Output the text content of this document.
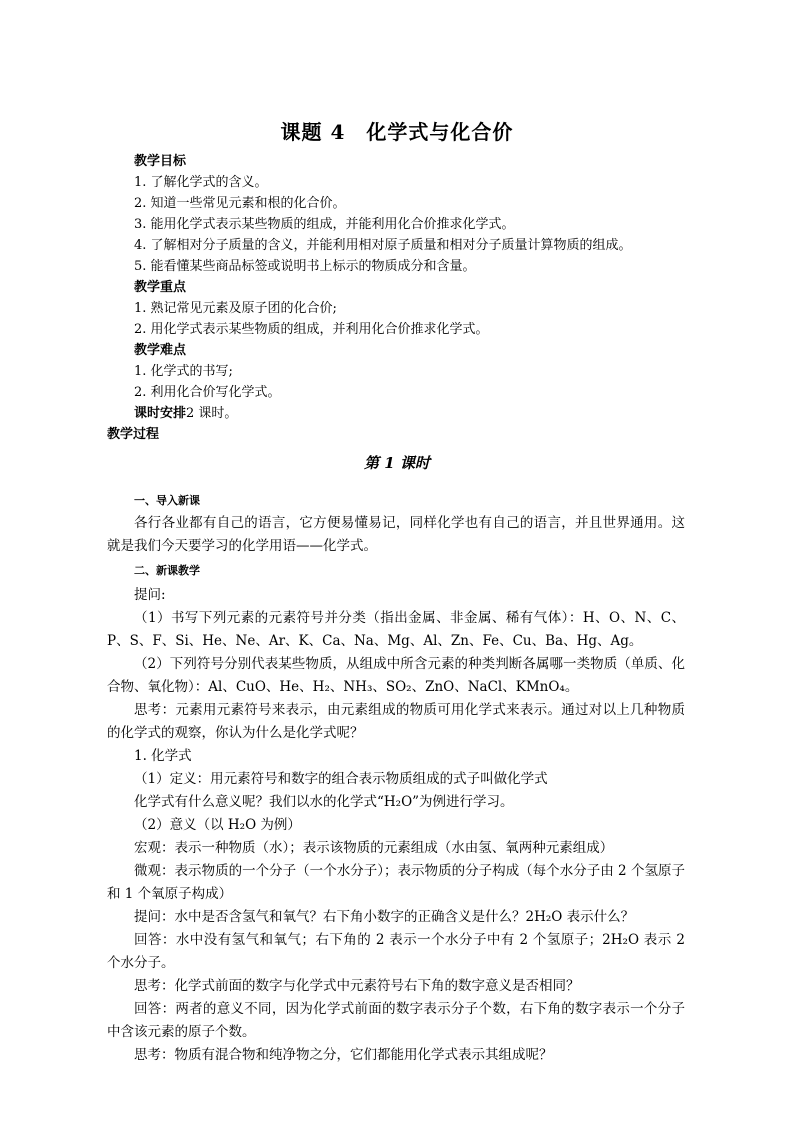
课题 4　化学式与化合价
教学目标
1. 了解化学式的含义。
2. 知道一些常见元素和根的化合价。
3. 能用化学式表示某些物质的组成，并能利用化合价推求化学式。
4. 了解相对分子质量的含义，并能利用相对原子质量和相对分子质量计算物质的组成。
5. 能看懂某些商品标签或说明书上标示的物质成分和含量。
教学重点
1. 熟记常见元素及原子团的化合价;
2. 用化学式表示某些物质的组成，并利用化合价推求化学式。
教学难点
1. 化学式的书写;
2. 利用化合价写化学式。
课时安排2 课时。
教学过程
第 1 课时
一、导入新课
各行各业都有自己的语言，它方便易懂易记，同样化学也有自己的语言，并且世界通用。这就是我们今天要学习的化学用语——化学式。
二、新课教学
提问:
（1）书写下列元素的元素符号并分类（指出金属、非金属、稀有气体）：H、O、N、C、P、S、F、Si、He、Ne、Ar、K、Ca、Na、Mg、Al、Zn、Fe、Cu、Ba、Hg、Ag。
（2）下列符号分别代表某些物质，从组成中所含元素的种类判断各属哪一类物质（单质、化合物、氧化物）：Al、CuO、He、H₂、NH₃、SO₂、ZnO、NaCl、KMnO₄。
思考：元素用元素符号来表示，由元素组成的物质可用化学式来表示。通过对以上几种物质的化学式的观察，你认为什么是化学式呢？
1. 化学式
（1）定义：用元素符号和数字的组合表示物质组成的式子叫做化学式
化学式有什么意义呢？我们以水的化学式“H₂O”为例进行学习。
（2）意义（以 H₂O 为例）
宏观：表示一种物质（水）；表示该物质的元素组成（水由氢、氧两种元素组成）
微观：表示物质的一个分子（一个水分子）；表示物质的分子构成（每个水分子由 2 个氢原子和 1 个氧原子构成）
提问：水中是否含氢气和氧气？右下角小数字的正确含义是什么？2H₂O 表示什么？
回答：水中没有氢气和氧气；右下角的 2 表示一个水分子中有 2 个氢原子；2H₂O 表示 2 个水分子。
思考：化学式前面的数字与化学式中元素符号右下角的数字意义是否相同？
回答：两者的意义不同，因为化学式前面的数字表示分子个数，右下角的数字表示一个分子中含该元素的原子个数。
思考：物质有混合物和纯净物之分，它们都能用化学式表示其组成呢？
